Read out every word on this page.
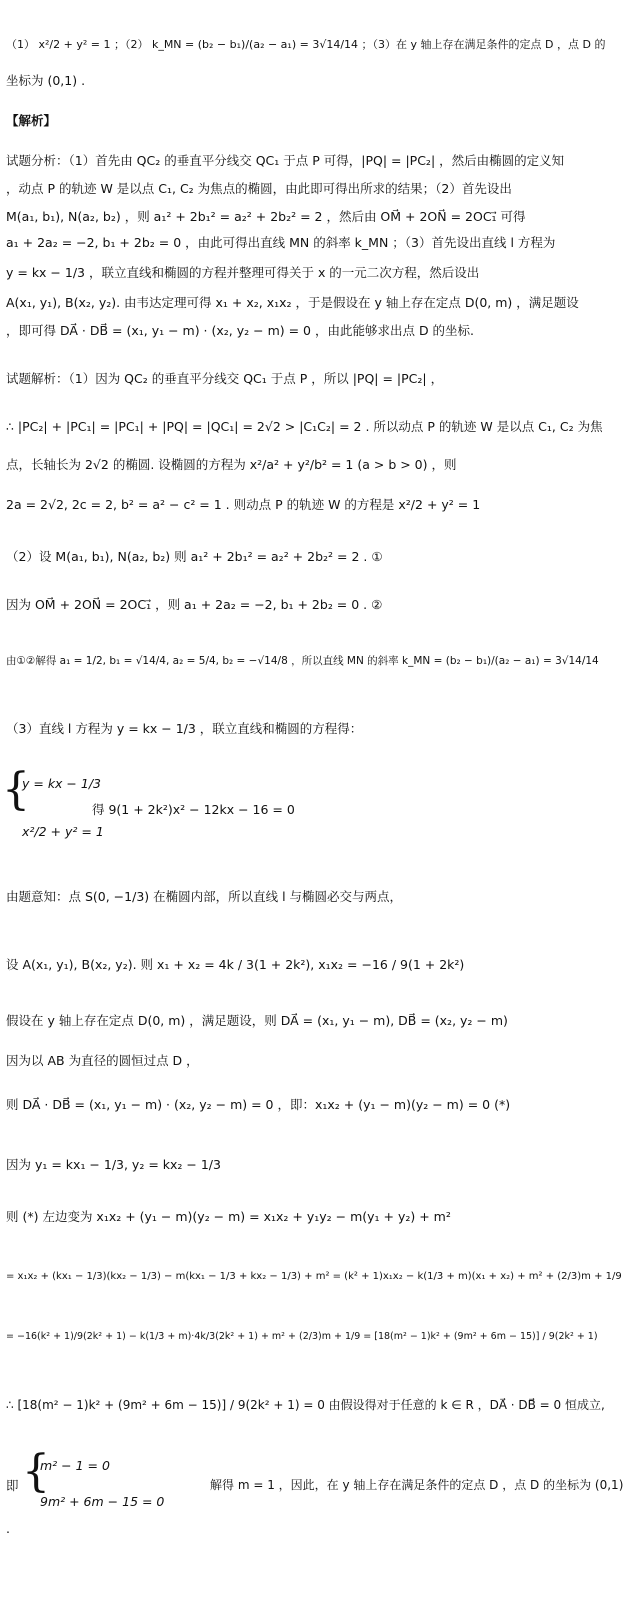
（1） x²/2 + y² = 1 ；（2） k_MN = (b₂ − b₁)/(a₂ − a₁) = 3√14/14 ；（3）在 y 轴上存在满足条件的定点 D ，点 D 的
坐标为 (0,1) .
【解析】
试题分析：（1）首先由 QC₂ 的垂直平分线交 QC₁ 于点 P 可得，|PQ| = |PC₂| ，然后由椭圆的定义知
，动点 P 的轨迹 W 是以点 C₁, C₂ 为焦点的椭圆，由此即可得出所求的结果；（2）首先设出
M(a₁, b₁), N(a₂, b₂) ，则 a₁² + 2b₁² = a₂² + 2b₂² = 2 ，然后由 OM⃗ + 2ON⃗ = 2OC₁⃗ 可得
a₁ + 2a₂ = −2, b₁ + 2b₂ = 0 ，由此可得出直线 MN 的斜率 k_MN ；（3）首先设出直线 l 方程为
y = kx − 1/3 ，联立直线和椭圆的方程并整理可得关于 x 的一元二次方程，然后设出
A(x₁, y₁), B(x₂, y₂). 由韦达定理可得 x₁ + x₂, x₁x₂ ，于是假设在 y 轴上存在定点 D(0, m) ，满足题设
，即可得 DA⃗ · DB⃗ = (x₁, y₁ − m) · (x₂, y₂ − m) = 0 ，由此能够求出点 D 的坐标.
试题解析：（1）因为 QC₂ 的垂直平分线交 QC₁ 于点 P ，所以 |PQ| = |PC₂| ，
∴ |PC₂| + |PC₁| = |PC₁| + |PQ| = |QC₁| = 2√2 > |C₁C₂| = 2 . 所以动点 P 的轨迹 W 是以点 C₁, C₂ 为焦
点，长轴长为 2√2 的椭圆. 设椭圆的方程为 x²/a² + y²/b² = 1 (a > b > 0) ，则
2a = 2√2, 2c = 2, b² = a² − c² = 1 . 则动点 P 的轨迹 W 的方程是 x²/2 + y² = 1
（2）设 M(a₁, b₁), N(a₂, b₂) 则 a₁² + 2b₁² = a₂² + 2b₂² = 2 . ①
因为 OM⃗ + 2ON⃗ = 2OC₁⃗ ，则 a₁ + 2a₂ = −2, b₁ + 2b₂ = 0 . ②
由①②解得 a₁ = 1/2, b₁ = √14/4, a₂ = 5/4, b₂ = −√14/8 ，所以直线 MN 的斜率 k_MN = (b₂ − b₁)/(a₂ − a₁) = 3√14/14
（3）直线 l 方程为 y = kx − 1/3 ，联立直线和椭圆的方程得：
{
y = kx − 1/3
x²/2 + y² = 1
得 9(1 + 2k²)x² − 12kx − 16 = 0
由题意知：点 S(0, −1/3) 在椭圆内部，所以直线 l 与椭圆必交与两点，
设 A(x₁, y₁), B(x₂, y₂). 则 x₁ + x₂ = 4k / 3(1 + 2k²), x₁x₂ = −16 / 9(1 + 2k²)
假设在 y 轴上存在定点 D(0, m) ，满足题设，则 DA⃗ = (x₁, y₁ − m), DB⃗ = (x₂, y₂ − m)
因为以 AB 为直径的圆恒过点 D ，
则 DA⃗ · DB⃗ = (x₁, y₁ − m) · (x₂, y₂ − m) = 0 ，即：x₁x₂ + (y₁ − m)(y₂ − m) = 0 (*)
因为 y₁ = kx₁ − 1/3, y₂ = kx₂ − 1/3
则 (*) 左边变为 x₁x₂ + (y₁ − m)(y₂ − m) = x₁x₂ + y₁y₂ − m(y₁ + y₂) + m²
= x₁x₂ + (kx₁ − 1/3)(kx₂ − 1/3) − m(kx₁ − 1/3 + kx₂ − 1/3) + m² = (k² + 1)x₁x₂ − k(1/3 + m)(x₁ + x₂) + m² + (2/3)m + 1/9
= −16(k² + 1)/9(2k² + 1) − k(1/3 + m)·4k/3(2k² + 1) + m² + (2/3)m + 1/9 = [18(m² − 1)k² + (9m² + 6m − 15)] / 9(2k² + 1)
∴ [18(m² − 1)k² + (9m² + 6m − 15)] / 9(2k² + 1) = 0 由假设得对于任意的 k ∈ R ，DA⃗ · DB⃗ = 0 恒成立,
即 {
m² − 1 = 0
9m² + 6m − 15 = 0
解得 m = 1 ，因此，在 y 轴上存在满足条件的定点 D ，点 D 的坐标为 (0,1)
.
